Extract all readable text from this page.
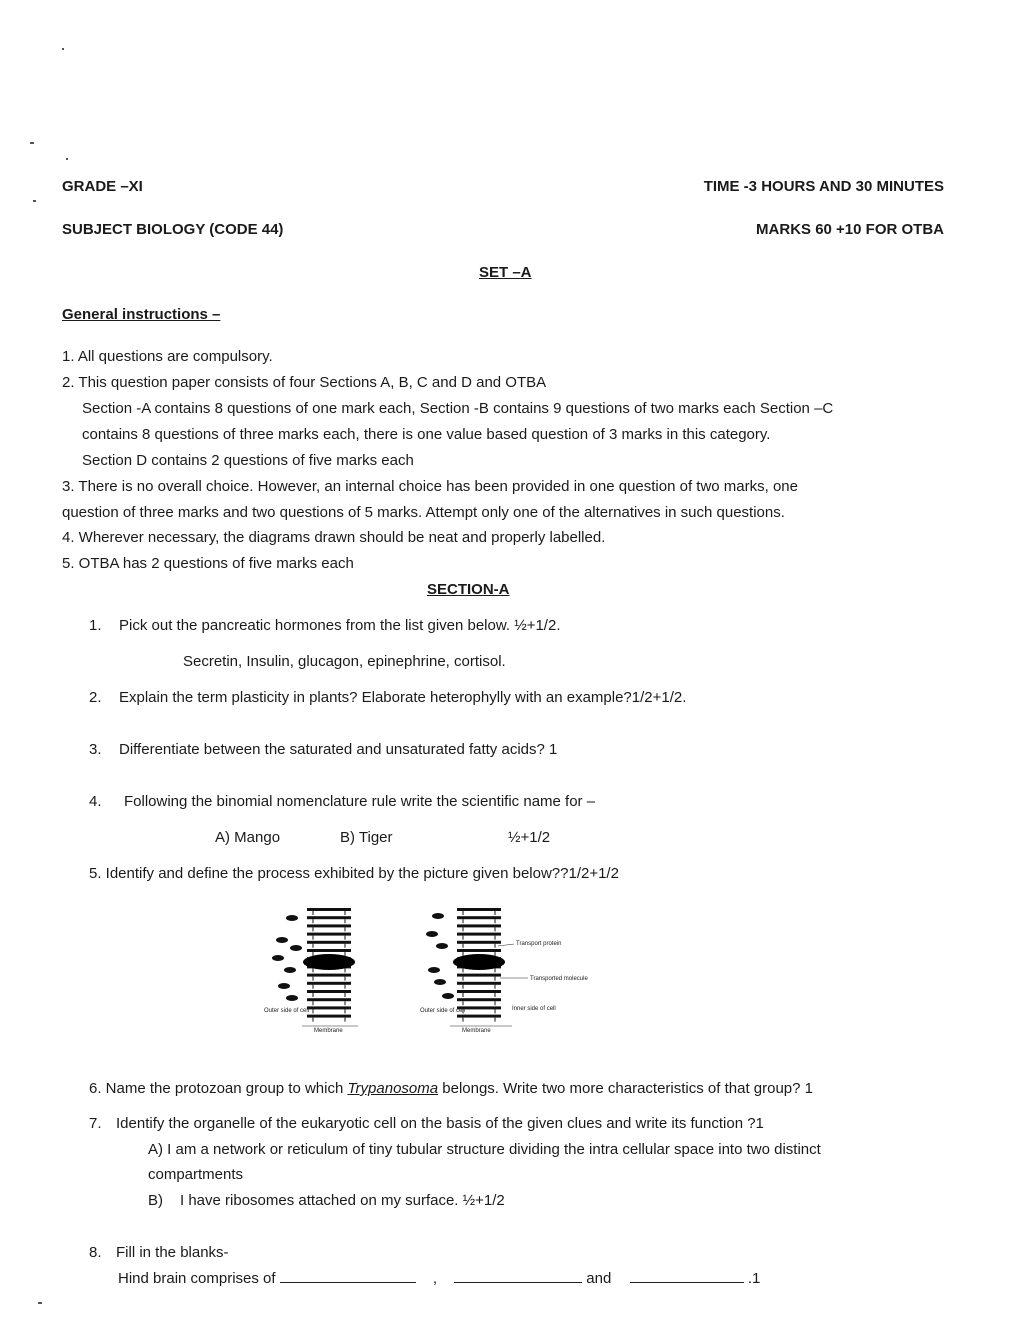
GRADE –XI	TIME -3 HOURS AND 30 MINUTES
SUBJECT BIOLOGY (CODE 44)	MARKS 60 +10 FOR OTBA
SET –A
General instructions –
1. All questions are compulsory.
2. This question paper consists of four Sections A, B, C and D and OTBA
Section -A contains 8 questions of one mark each, Section -B contains 9 questions of two marks each Section –C
contains 8 questions of three marks each, there is one value based question of 3 marks in this category.
Section D contains 2 questions of five marks each
3. There is no overall choice. However, an internal choice has been provided in one question of two marks, one
question of three marks and two questions of 5 marks. Attempt only one of the alternatives in such questions.
4. Wherever necessary, the diagrams drawn should be neat and properly labelled.
5. OTBA has 2 questions of five marks each
SECTION-A
1. Pick out the pancreatic hormones from the list given below. ½+1/2.
Secretin, Insulin, glucagon, epinephrine, cortisol.
2. Explain the term plasticity in plants? Elaborate heterophylly with an example?1/2+1/2.
3. Differentiate between the saturated and unsaturated fatty acids? 1
4. Following the binomial nomenclature rule write the scientific name for –
A) Mango	B) Tiger	½+1/2
5. Identify and define the process exhibited by the picture given below??1/2+1/2
Outer side of cell
Membrane
Transport protein
Transported molecule
Outer side of cell	Inner side of cell
Membrane
6. Name the protozoan group to which Trypanosoma belongs. Write two more characteristics of that group? 1
7. Identify the organelle of the eukaryotic cell on the basis of the given clues and write its function ?1
A) I am a network or reticulum of tiny tubular structure dividing the intra cellular space into two distinct
compartments
B) I have ribosomes attached on my surface. ½+1/2
8. Fill in the blanks-
Hind brain comprises of	,	and	.1
